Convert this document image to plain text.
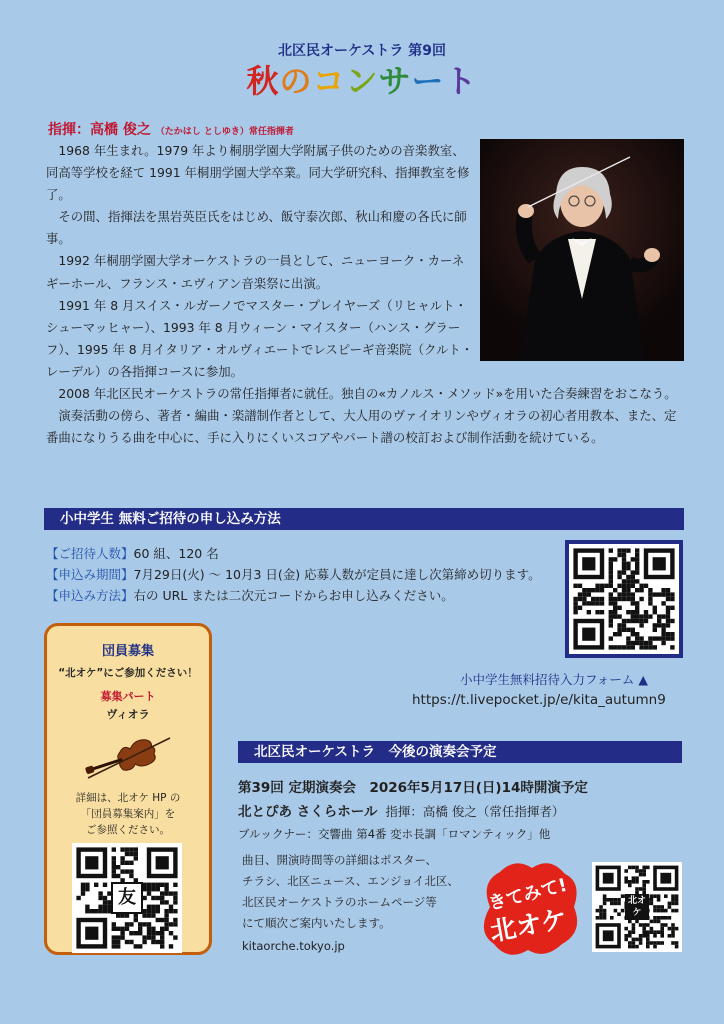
北区民オーケストラ 第9回
秋のコンサート
指揮：高橋 俊之 （たかはし としゆき）常任指揮者

1968 年生まれ。1979 年より桐朋学園大学附属子供のための音楽教室、同高等学校を経て 1991 年桐朋学園大学卒業。同大学研究科、指揮教室を修了。

その間、指揮法を黒岩英臣氏をはじめ、飯守泰次郎、秋山和慶の各氏に師事。

1992 年桐朋学園大学オーケストラの一員として、ニューヨーク・カーネギーホール、フランス・エヴィアン音楽祭に出演。

1991 年 8 月スイス・ルガーノでマスター・プレイヤーズ（リヒャルト・シューマッヒャー）、1993 年 8 月ウィーン・マイスター（ハンス・グラーフ）、1995 年 8 月イタリア・オルヴィエートでレスピーギ音楽院（クルト・レーデル）の各指揮コースに参加。

2008 年北区民オーケストラの常任指揮者に就任。独自の«カノルス・メソッド»を用いた合奏練習をおこなう。

演奏活動の傍ら、著者・編曲・楽譜制作者として、大人用のヴァイオリンやヴィオラの初心者用教本、また、定番曲になりうる曲を中心に、手に入りにくいスコアやパート譜の校訂および制作活動を続けている。

小中学生 無料ご招待の申し込み方法
【ご招待人数】60 組、120 名
【申込み期間】7月29日(火) ～ 10月3 日(金) 応募人数が定員に達し次第締め切ります。
【申込み方法】右の URL または二次元コードからお申し込みください。
小中学生無料招待入力フォーム ▲
https://t.livepocket.jp/e/kita_autumn9
団員募集
“北オケ”にご参加ください！
募集パート
ヴィオラ
詳細は、北オケ HP の
「団員募集案内」を
ご参照ください。
友
北区民オーケストラ　今後の演奏会予定
第39回 定期演奏会　2026年5月17日(日)14時開演予定
北とぴあ さくらホール 指揮：高橋 俊之（常任指揮者）
ブルックナー：交響曲 第4番 変ホ長調「ロマンティック」他
曲目、開演時間等の詳細はポスター、
チラシ、北区ニュース、エンジョイ北区、
北区民オーケストラのホームページ等
にて順次ご案内いたします。
kitaorche.tokyo.jp
きてみて!
北オケ
北オケ
